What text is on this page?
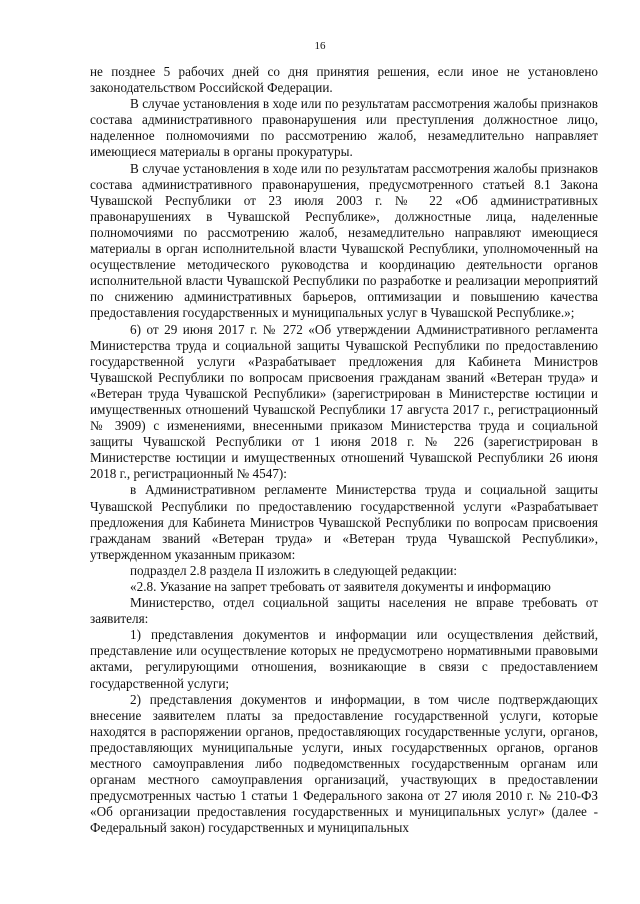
16

не позднее 5 рабочих дней со дня принятия решения, если иное не установлено законодательством Российской Федерации.

В случае установления в ходе или по результатам рассмотрения жалобы признаков состава административного правонарушения или преступления должностное лицо, наделенное полномочиями по рассмотрению жалоб, незамедлительно направляет имеющиеся материалы в органы прокуратуры.

В случае установления в ходе или по результатам рассмотрения жалобы признаков состава административного правонарушения, предусмотренного статьей 8.1 Закона Чувашской Республики от 23 июля 2003 г. № 22 «Об административных правонарушениях в Чувашской Республике», должностные лица, наделенные полномочиями по рассмотрению жалоб, незамедлительно направляют имеющиеся материалы в орган исполнительной власти Чувашской Республики, уполномоченный на осуществление методического руководства и координацию деятельности органов исполнительной власти Чувашской Республики по разработке и реализации мероприятий по снижению административных барьеров, оптимизации и повышению качества предоставления государственных и муниципальных услуг в Чувашской Республике.»;

6) от 29 июня 2017 г. № 272 «Об утверждении Административного регламента Министерства труда и социальной защиты Чувашской Республики по предоставлению государственной услуги «Разрабатывает предложения для Кабинета Министров Чувашской Республики по вопросам присвоения гражданам званий «Ветеран труда» и «Ветеран труда Чувашской Республики» (зарегистрирован в Министерстве юстиции и имущественных отношений Чувашской Республики 17 августа 2017 г., регистрационный № 3909) с изменениями, внесенными приказом Министерства труда и социальной защиты Чувашской Республики от 1 июня 2018 г. № 226 (зарегистрирован в Министерстве юстиции и имущественных отношений Чувашской Республики 26 июня 2018 г., регистрационный № 4547):

в Административном регламенте Министерства труда и социальной защиты Чувашской Республики по предоставлению государственной услуги «Разрабатывает предложения для Кабинета Министров Чувашской Республики по вопросам присвоения гражданам званий «Ветеран труда» и «Ветеран труда Чувашской Республики», утвержденном указанным приказом:

подраздел 2.8 раздела II изложить в следующей редакции:

«2.8. Указание на запрет требовать от заявителя документы и информацию

Министерство, отдел социальной защиты населения не вправе требовать от заявителя:

1) представления документов и информации или осуществления действий, представление или осуществление которых не предусмотрено нормативными правовыми актами, регулирующими отношения, возникающие в связи с предоставлением государственной услуги;

2) представления документов и информации, в том числе подтверждающих внесение заявителем платы за предоставление государственной услуги, которые находятся в распоряжении органов, предоставляющих государственные услуги, органов, предоставляющих муниципальные услуги, иных государственных органов, органов местного самоуправления либо подведомственных государственным органам или органам местного самоуправления организаций, участвующих в предоставлении предусмотренных частью 1 статьи 1 Федерального закона от 27 июля 2010 г. № 210-ФЗ «Об организации предоставления государственных и муниципальных услуг» (далее - Федеральный закон) государственных и муниципальных
